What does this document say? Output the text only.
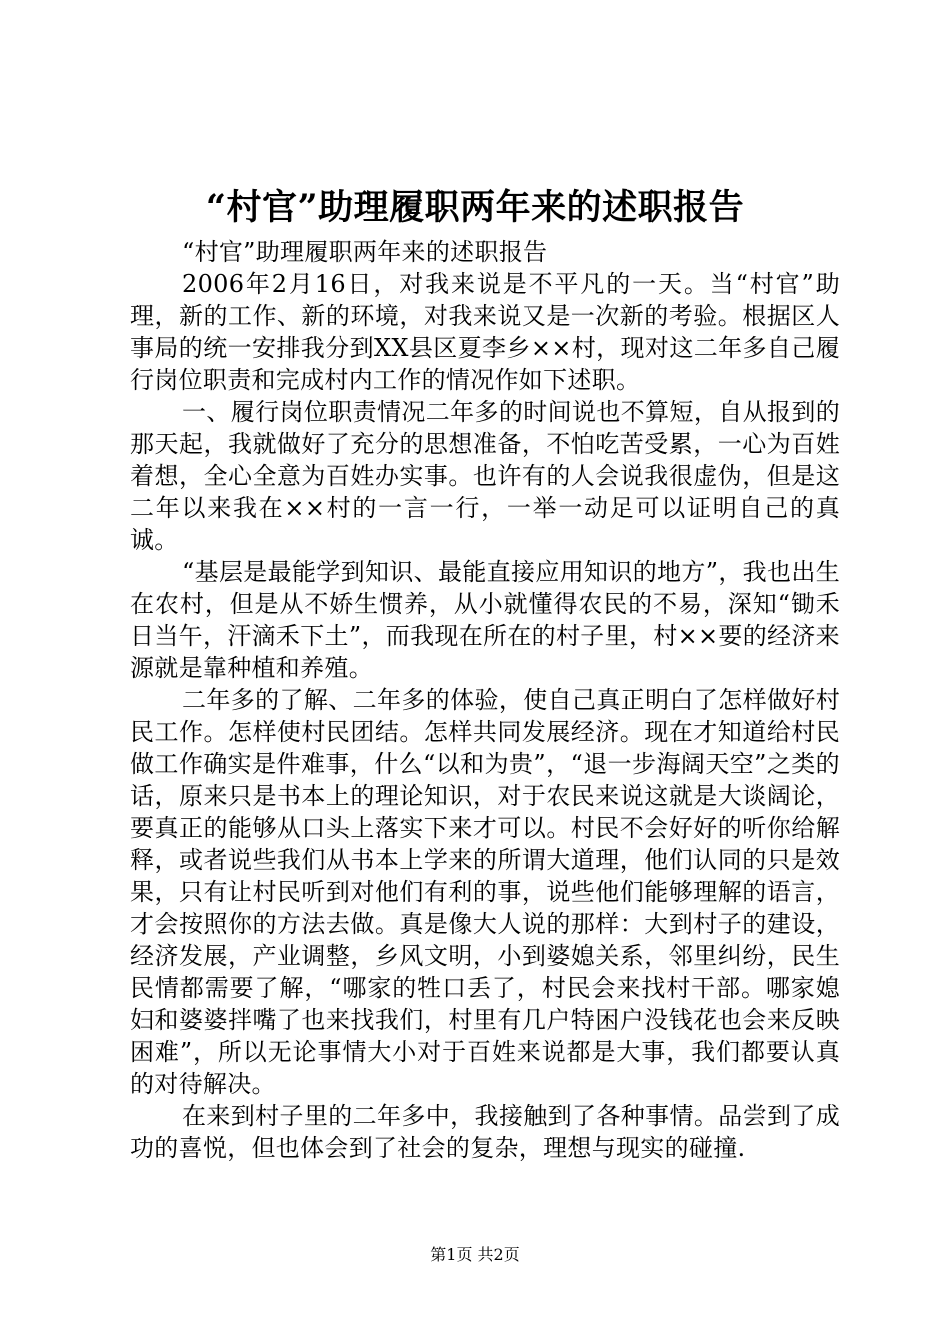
“村官”助理履职两年来的述职报告

“村官”助理履职两年来的述职报告

2006年2月16日，对我来说是不平凡的一天。当“村官”助理，新的工作、新的环境，对我来说又是一次新的考验。根据区人事局的统一安排我分到XX县区夏李乡××村，现对这二年多自己履行岗位职责和完成村内工作的情况作如下述职。

一、履行岗位职责情况二年多的时间说也不算短，自从报到的那天起，我就做好了充分的思想准备，不怕吃苦受累，一心为百姓着想，全心全意为百姓办实事。也许有的人会说我很虚伪，但是这二年以来我在××村的一言一行，一举一动足可以证明自己的真诚。

“基层是最能学到知识、最能直接应用知识的地方”，我也出生在农村，但是从不娇生惯养，从小就懂得农民的不易，深知“锄禾日当午，汗滴禾下土”，而我现在所在的村子里，村××要的经济来源就是靠种植和养殖。

二年多的了解、二年多的体验，使自己真正明白了怎样做好村民工作。怎样使村民团结。怎样共同发展经济。现在才知道给村民做工作确实是件难事，什么“以和为贵”，“退一步海阔天空”之类的话，原来只是书本上的理论知识，对于农民来说这就是大谈阔论，要真正的能够从口头上落实下来才可以。村民不会好好的听你给解释，或者说些我们从书本上学来的所谓大道理，他们认同的只是效果，只有让村民听到对他们有利的事，说些他们能够理解的语言，才会按照你的方法去做。真是像大人说的那样：大到村子的建设，经济发展，产业调整，乡风文明，小到婆媳关系，邻里纠纷，民生民情都需要了解，“哪家的牲口丢了，村民会来找村干部。哪家媳妇和婆婆拌嘴了也来找我们，村里有几户特困户没钱花也会来反映困难”，所以无论事情大小对于百姓来说都是大事，我们都要认真的对待解决。

在来到村子里的二年多中，我接触到了各种事情。品尝到了成功的喜悦，但也体会到了社会的复杂，理想与现实的碰撞.

第1页 共2页
